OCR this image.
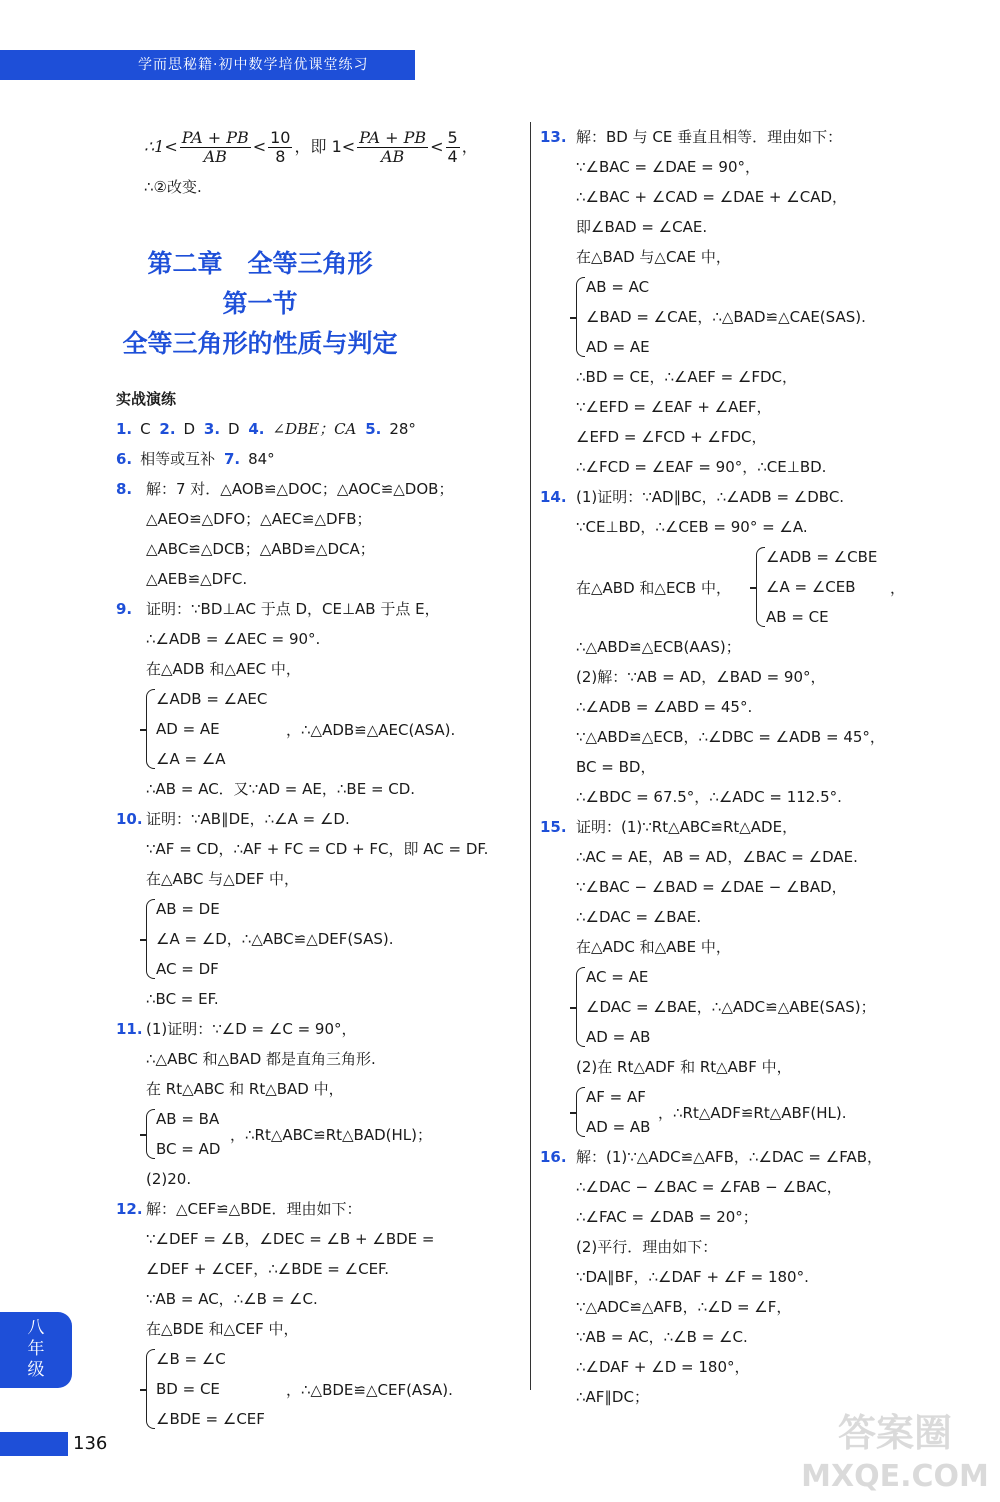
学而思秘籍·初中数学培优课堂练习
∴1< $\frac{PA + PB}{AB} < \frac{10}{8}$ ，即 $1< \frac{PA + PB}{AB} < \frac{5}{4}$ ，
∴②改变.
第二章　全等三角形
第一节
全等三角形的性质与判定
实战演练
1. C 2. D 3. D 4. ∠DBE；CA 5. 28°
6. 相等或互补 7. 84°
8. 解：7 对．△AOB≌△DOC；△AOC≌△DOB；
△AEO≌△DFO；△AEC≌△DFB；
△ABC≌△DCB；△ABD≌△DCA；
△AEB≌△DFC.
9. 证明：∵BD⊥AC 于点 D，CE⊥AB 于点 E，
∴∠ADB = ∠AEC = 90°.
在△ADB 和△AEC 中，
∠ADB = ∠AEC
AD = AE
∠A = ∠A
，∴△ADB≌△AEC(ASA).
∴AB = AC．又∵AD = AE，∴BE = CD.
10. 证明：∵AB∥DE，∴∠A = ∠D.
∵AF = CD，∴AF + FC = CD + FC，即 AC = DF.
在△ABC 与△DEF 中，
AB = DE
∠A = ∠D，∴△ABC≌△DEF(SAS).
AC = DF
∴BC = EF.
11. (1)证明：∵∠D = ∠C = 90°，
∴△ABC 和△BAD 都是直角三角形.
在 Rt△ABC 和 Rt△BAD 中，
AB = BA
BC = AD
，∴Rt△ABC≌Rt△BAD(HL)；
(2)20.
12. 解：△CEF≌△BDE．理由如下：
∵∠DEF = ∠B，∠DEC = ∠B + ∠BDE =
∠DEF + ∠CEF，∴∠BDE = ∠CEF.
∵AB = AC，∴∠B = ∠C.
在△BDE 和△CEF 中，
∠B = ∠C
BD = CE
∠BDE = ∠CEF
，∴△BDE≌△CEF(ASA).
13. 解：BD 与 CE 垂直且相等．理由如下：
∵∠BAC = ∠DAE = 90°，
∴∠BAC + ∠CAD = ∠DAE + ∠CAD，
即∠BAD = ∠CAE.
在△BAD 与△CAE 中，
AB = AC
∠BAD = ∠CAE，∴△BAD≌△CAE(SAS).
AD = AE
∴BD = CE，∴∠AEF = ∠FDC，
∵∠EFD = ∠EAF + ∠AEF，
∠EFD = ∠FCD + ∠FDC，
∴∠FCD = ∠EAF = 90°，∴CE⊥BD.
14. (1)证明：∵AD∥BC，∴∠ADB = ∠DBC.
∵CE⊥BD，∴∠CEB = 90° = ∠A.
在△ABD 和△ECB 中，
∠ADB = ∠CBE
∠A = ∠CEB
AB = CE
，
∴△ABD≌△ECB(AAS)；
(2)解：∵AB = AD，∠BAD = 90°，
∴∠ADB = ∠ABD = 45°.
∵△ABD≌△ECB，∴∠DBC = ∠ADB = 45°，
BC = BD，
∴∠BDC = 67.5°，∴∠ADC = 112.5°.
15. 证明：(1)∵Rt△ABC≌Rt△ADE，
∴AC = AE，AB = AD，∠BAC = ∠DAE.
∵∠BAC − ∠BAD = ∠DAE − ∠BAD，
∴∠DAC = ∠BAE.
在△ADC 和△ABE 中，
AC = AE
∠DAC = ∠BAE，∴△ADC≌△ABE(SAS)；
AD = AB
(2)在 Rt△ADF 和 Rt△ABF 中，
AF = AF
AD = AB
，∴Rt△ADF≌Rt△ABF(HL).
16. 解：(1)∵△ADC≌△AFB，∴∠DAC = ∠FAB，
∴∠DAC − ∠BAC = ∠FAB − ∠BAC，
∴∠FAC = ∠DAB = 20°；
(2)平行．理由如下：
∵DA∥BF，∴∠DAF + ∠F = 180°.
∵△ADC≌△AFB，∴∠D = ∠F，
∵AB = AC，∴∠B = ∠C.
∴∠DAF + ∠D = 180°，
∴AF∥DC；
八
年
级
136	答案圈
MXQE.COM
